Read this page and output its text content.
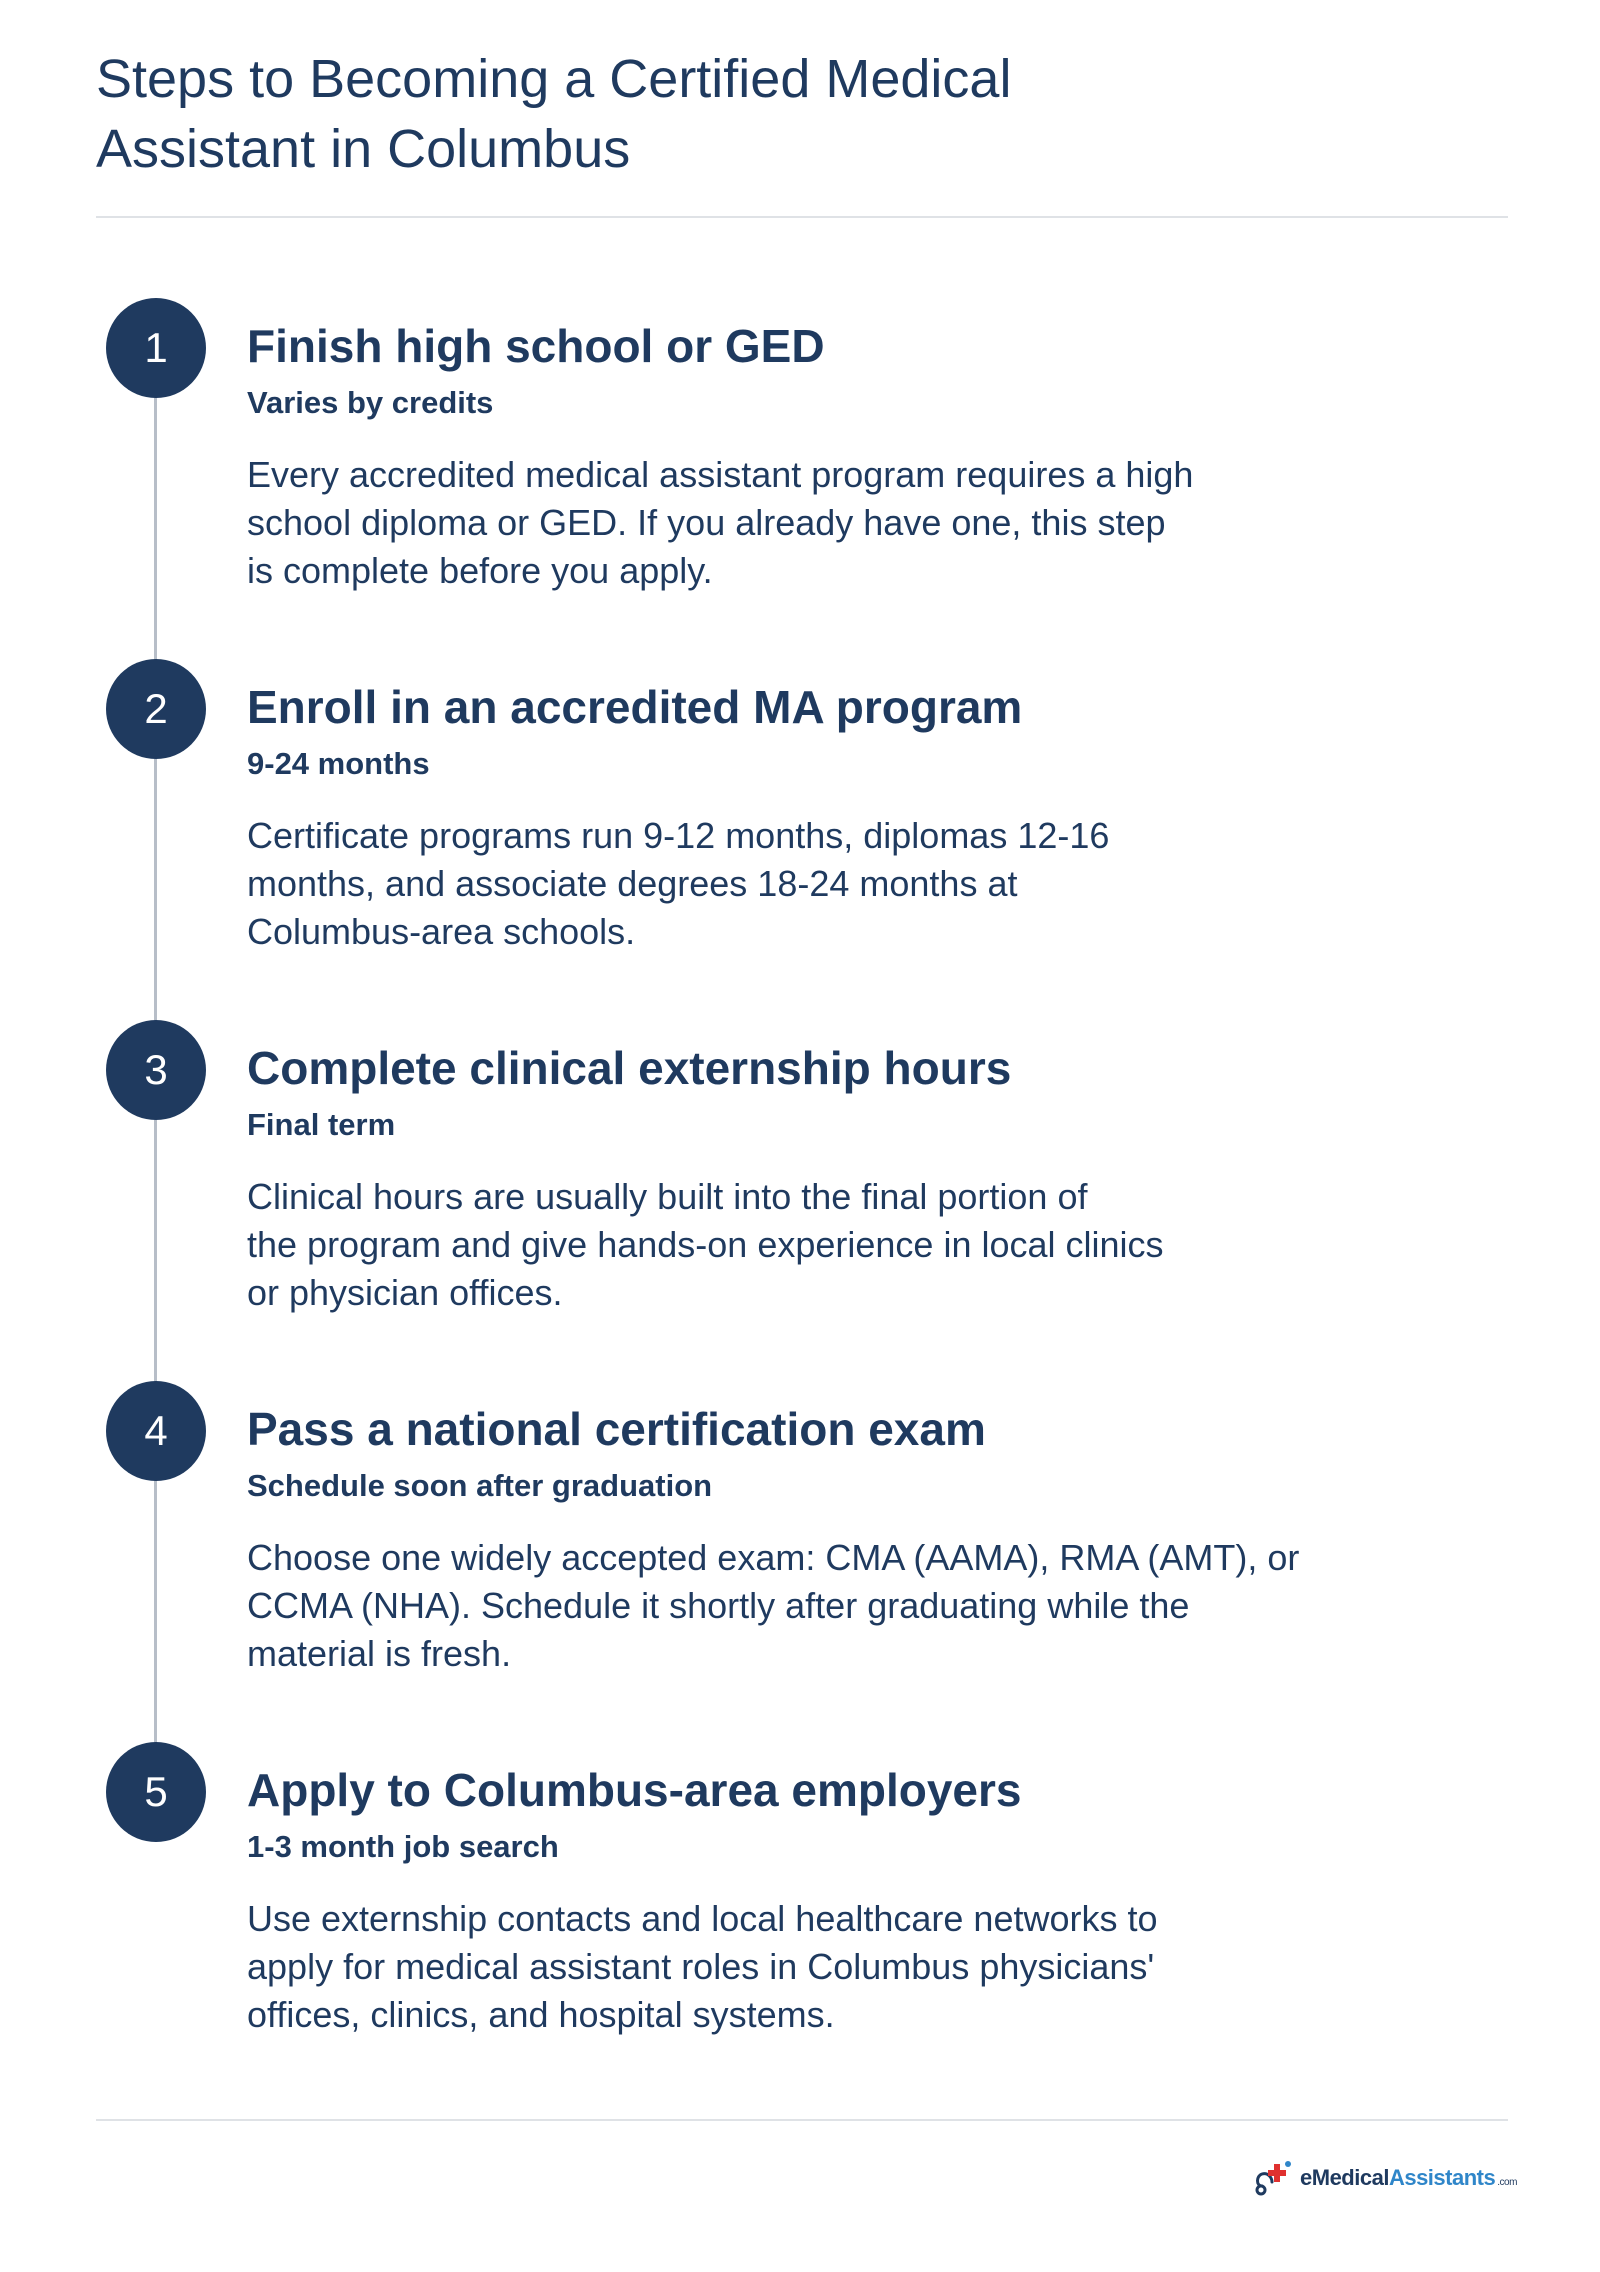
Steps to Becoming a Certified Medical Assistant in Columbus
1	Finish high school or GED
Varies by credits

Every accredited medical assistant program requires a high
school diploma or GED. If you already have one, this step
is complete before you apply.

2	Enroll in an accredited MA program
9-24 months

Certificate programs run 9-12 months, diplomas 12-16
months, and associate degrees 18-24 months at
Columbus-area schools.

3	Complete clinical externship hours
Final term

Clinical hours are usually built into the final portion of
the program and give hands-on experience in local clinics
or physician offices.

4	Pass a national certification exam
Schedule soon after graduation

Choose one widely accepted exam: CMA (AAMA), RMA (AMT), or
CCMA (NHA). Schedule it shortly after graduating while the
material is fresh.

5	Apply to Columbus-area employers
1-3 month job search

Use externship contacts and local healthcare networks to
apply for medical assistant roles in Columbus physicians'
offices, clinics, and hospital systems.

eMedicalAssistants .com
